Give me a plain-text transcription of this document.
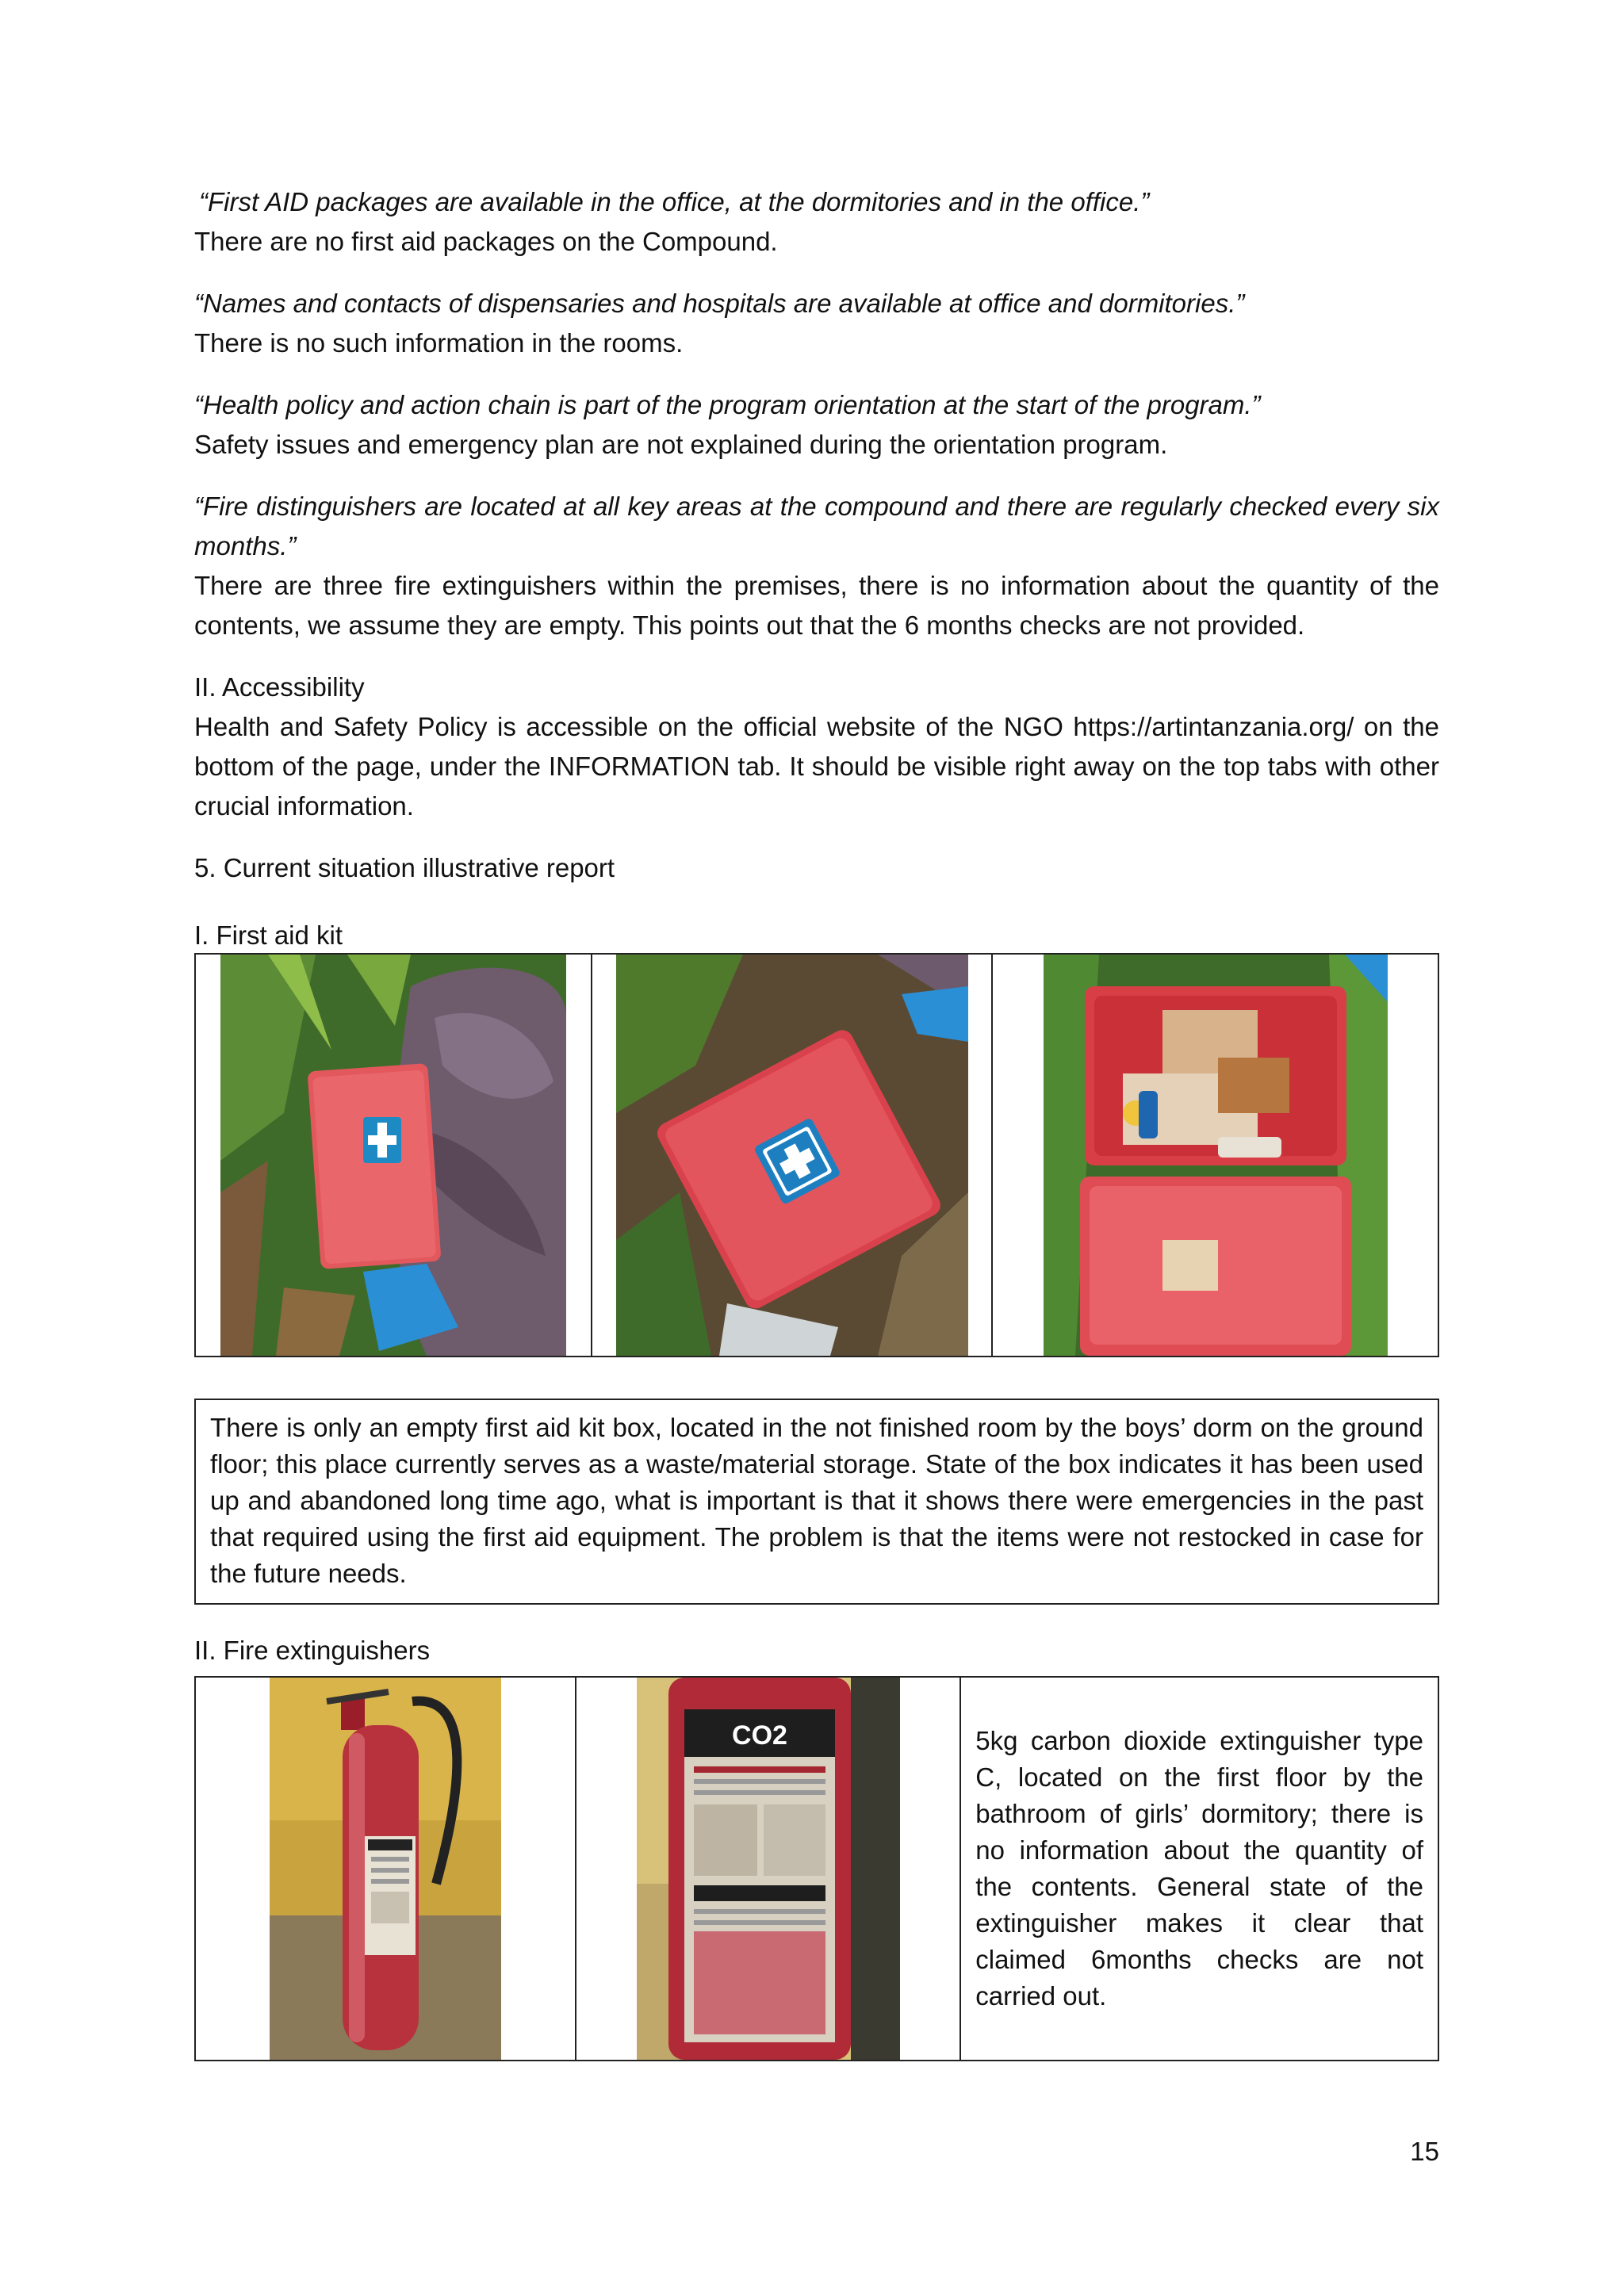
“First AID packages are available in the office, at the dormitories and in the office.”
There are no first aid packages on the Compound.
“Names and contacts of dispensaries and hospitals are available at office and dormitories.”
There is no such information in the rooms.
“Health policy and action chain is part of the program orientation at the start of the program.”
Safety issues and emergency plan are not explained during the orientation program.
“Fire distinguishers are located at all key areas at the compound and there are regularly checked every six months.”
There are three fire extinguishers within the premises, there is no information about the quantity of the contents, we assume they are empty. This points out that the 6 months checks are not provided.
II. Accessibility
Health and Safety Policy is accessible on the official website of the NGO https://artintanzania.org/ on the bottom of the page, under the INFORMATION tab. It should be visible right away on the top tabs with other crucial information.
5. Current situation illustrative report
I. First aid kit

There is only an empty first aid kit box, located in the not finished room by the boys’ dorm on the ground floor; this place currently serves as a waste/material storage. State of the box indicates it has been used up and abandoned long time ago, what is important is that it shows there were emergencies in the past that required using the first aid equipment. The problem is that the items were not restocked in case for the future needs.
II. Fire extinguishers

CO2	5kg carbon dioxide extinguisher type C, located on the first floor by the bathroom of girls’ dormitory; there is no information about the quantity of the contents. General state of the extinguisher makes it clear that claimed 6months checks are not carried out.
15
